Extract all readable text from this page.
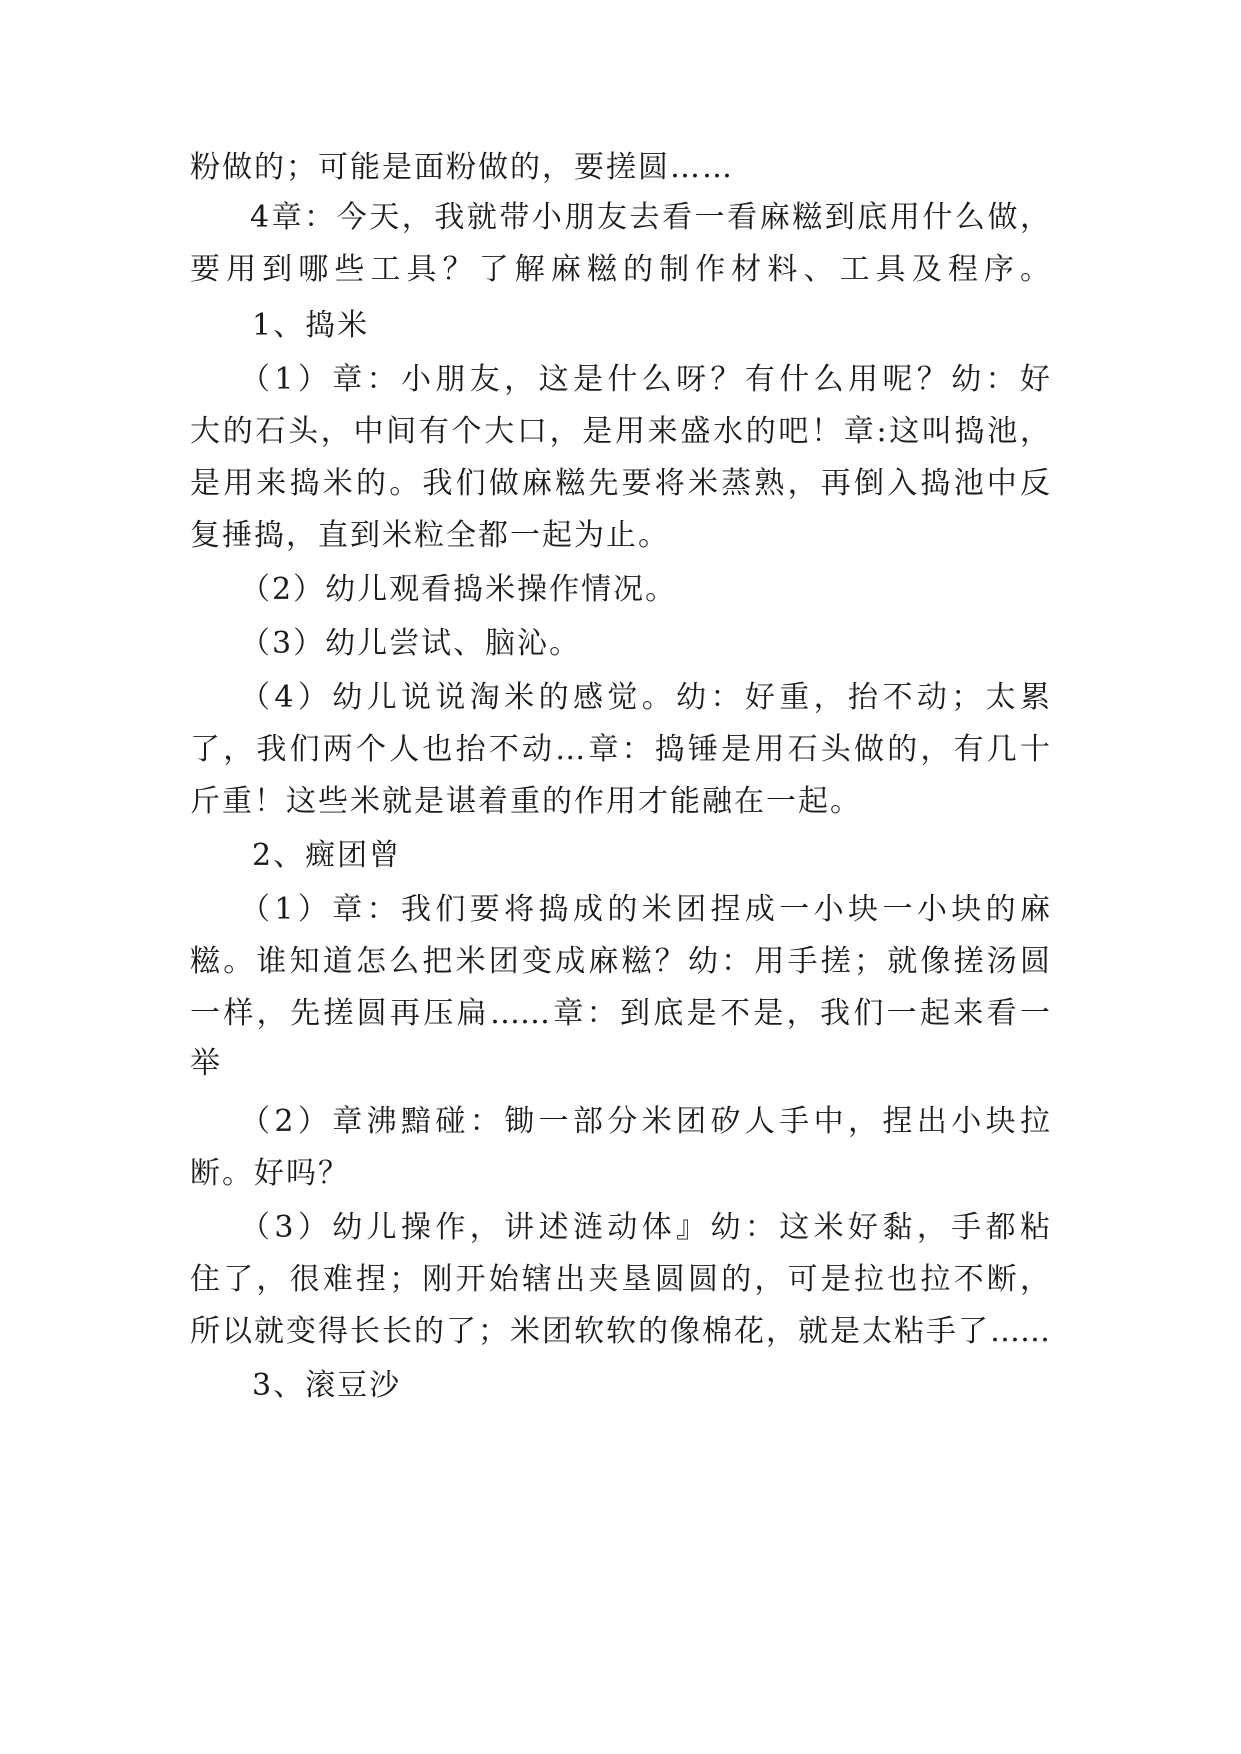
粉做的；可能是面粉做的，要搓圆……
4章：今天，我就带小朋友去看一看麻糍到底用什么做，
要用到哪些工具？了解麻糍的制作材料、工具及程序。
1、捣米
（1）章：小朋友，这是什么呀？有什么用呢？幼：好
大的石头，中间有个大口，是用来盛水的吧！章:这叫捣池，
是用来捣米的。我们做麻糍先要将米蒸熟，再倒入捣池中反
复捶捣，直到米粒全都一起为止。
（2）幼儿观看捣米操作情况。
（3）幼儿尝试、脑沁。
（4）幼儿说说淘米的感觉。幼：好重，抬不动；太累
了，我们两个人也抬不动…章：捣锤是用石头做的，有几十
斤重！这些米就是谌着重的作用才能融在一起。
2、癍团曾
（1）章：我们要将捣成的米团捏成一小块一小块的麻
糍。谁知道怎么把米团变成麻糍？幼：用手搓；就像搓汤圆
一样，先搓圆再压扁……章：到底是不是，我们一起来看一
举
（2）章沸黯碰：锄一部分米团矽人手中，捏出小块拉
断。好吗？
（3）幼儿操作，讲述涟动体』幼：这米好黏，手都粘
住了，很难捏；刚开始辖出夹垦圆圆的，可是拉也拉不断，
所以就变得长长的了；米团软软的像棉花，就是太粘手了……
3、滚豆沙
